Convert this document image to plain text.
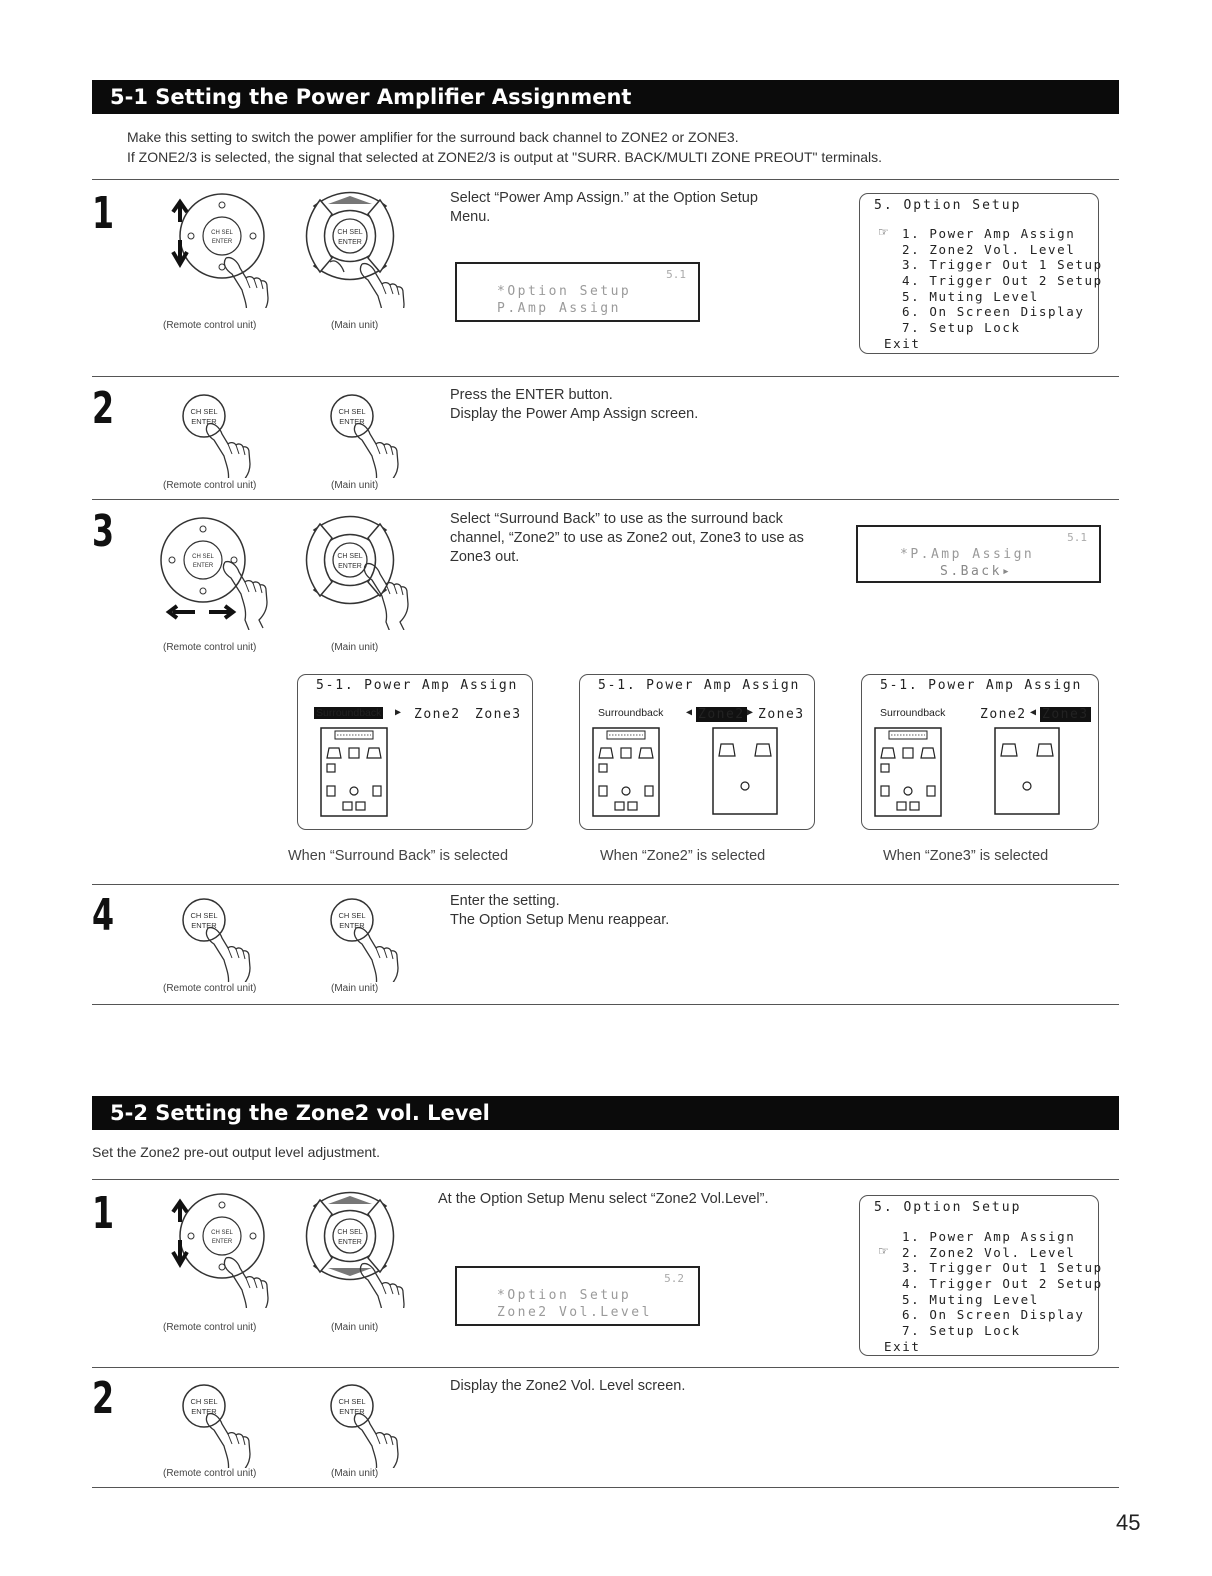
5-1 Setting the Power Amplifier Assignment
Make this setting to switch the power amplifier for the surround back channel to ZONE2 or ZONE3.
If ZONE2/3 is selected, the signal that selected at ZONE2/3 is output at "SURR. BACK/MULTI ZONE PREOUT" terminals.
1
(Remote control unit)	(Main unit)
Select “Power Amp Assign.” at the Option Setup
Menu.
5.1
*Option Setup
P.Amp Assign
5. Option Setup
☞ 1. Power Amp Assign
2. Zone2 Vol. Level
3. Trigger Out 1 Setup
4. Trigger Out 2 Setup
5. Muting Level
6. On Screen Display
7. Setup Lock
Exit
2
(Remote control unit)	(Main unit)
Press the ENTER button.
Display the Power Amp Assign screen.
3
(Remote control unit)	(Main unit)
Select “Surround Back” to use as the surround back
channel, “Zone2” to use as Zone2 out, Zone3 to use as
Zone3 out.
5.1
*P.Amp Assign
S.Back▸
5-1. Power Amp Assign
Surroundback ▶ Zone2 Zone3
5-1. Power Amp Assign
Surroundback ◀ Zone2 ▶ Zone3
5-1. Power Amp Assign
Surroundback	Zone2 ◀ Zone3
When “Surround Back” is selected	When “Zone2” is selected	When “Zone3” is selected
4
(Remote control unit)	(Main unit)
Enter the setting.
The Option Setup Menu reappear.
5-2 Setting the Zone2 vol. Level
Set the Zone2 pre-out output level adjustment.
1
(Remote control unit)	(Main unit)
At the Option Setup Menu select “Zone2 Vol.Level”.
5.2
*Option Setup
Zone2 Vol.Level
5. Option Setup
1. Power Amp Assign
☞ 2. Zone2 Vol. Level
3. Trigger Out 1 Setup
4. Trigger Out 2 Setup
5. Muting Level
6. On Screen Display
7. Setup Lock
Exit
2
(Remote control unit)	(Main unit)
Display the Zone2 Vol. Level screen.
45
